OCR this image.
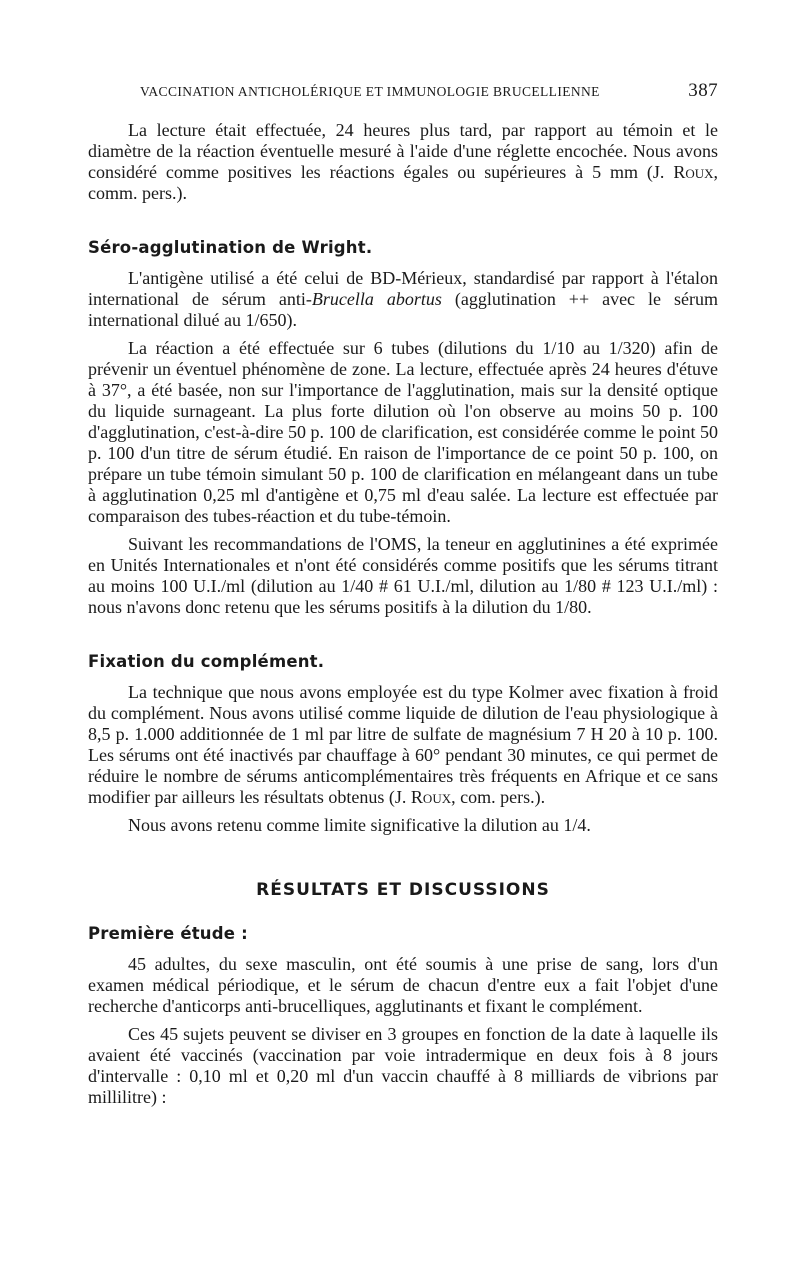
VACCINATION ANTICHOLÉRIQUE ET IMMUNOLOGIE BRUCELLIENNE	387

La lecture était effectuée, 24 heures plus tard, par rapport au témoin et le diamètre de la réaction éventuelle mesuré à l'aide d'une réglette encochée. Nous avons considéré comme positives les réactions égales ou supérieures à 5 mm (J. Roux, comm. pers.).

Séro-agglutination de Wright.

L'antigène utilisé a été celui de BD-Mérieux, standardisé par rapport à l'étalon international de sérum anti-Brucella abortus (agglutination ++ avec le sérum international dilué au 1/650).

La réaction a été effectuée sur 6 tubes (dilutions du 1/10 au 1/320) afin de prévenir un éventuel phénomène de zone. La lecture, effectuée après 24 heures d'étuve à 37°, a été basée, non sur l'importance de l'agglutination, mais sur la densité optique du liquide surnageant. La plus forte dilution où l'on observe au moins 50 p. 100 d'agglutination, c'est-à-dire 50 p. 100 de clarification, est considérée comme le point 50 p. 100 d'un titre de sérum étudié. En raison de l'importance de ce point 50 p. 100, on prépare un tube témoin simulant 50 p. 100 de clarification en mélangeant dans un tube à agglutination 0,25 ml d'antigène et 0,75 ml d'eau salée. La lecture est effectuée par comparaison des tubes-réaction et du tube-témoin.

Suivant les recommandations de l'OMS, la teneur en agglutinines a été exprimée en Unités Internationales et n'ont été considérés comme positifs que les sérums titrant au moins 100 U.I./ml (dilution au 1/40 # 61 U.I./ml, dilution au 1/80 # 123 U.I./ml) : nous n'avons donc retenu que les sérums positifs à la dilution du 1/80.

Fixation du complément.

La technique que nous avons employée est du type Kolmer avec fixation à froid du complément. Nous avons utilisé comme liquide de dilution de l'eau physiologique à 8,5 p. 1.000 additionnée de 1 ml par litre de sulfate de magnésium 7 H 20 à 10 p. 100. Les sérums ont été inactivés par chauffage à 60° pendant 30 minutes, ce qui permet de réduire le nombre de sérums anticomplémentaires très fréquents en Afrique et ce sans modifier par ailleurs les résultats obtenus (J. Roux, com. pers.).

Nous avons retenu comme limite significative la dilution au 1/4.

RÉSULTATS ET DISCUSSIONS
Première étude :

45 adultes, du sexe masculin, ont été soumis à une prise de sang, lors d'un examen médical périodique, et le sérum de chacun d'entre eux a fait l'objet d'une recherche d'anticorps anti-brucelliques, agglutinants et fixant le complément.

Ces 45 sujets peuvent se diviser en 3 groupes en fonction de la date à laquelle ils avaient été vaccinés (vaccination par voie intradermique en deux fois à 8 jours d'intervalle : 0,10 ml et 0,20 ml d'un vaccin chauffé à 8 milliards de vibrions par millilitre) :
